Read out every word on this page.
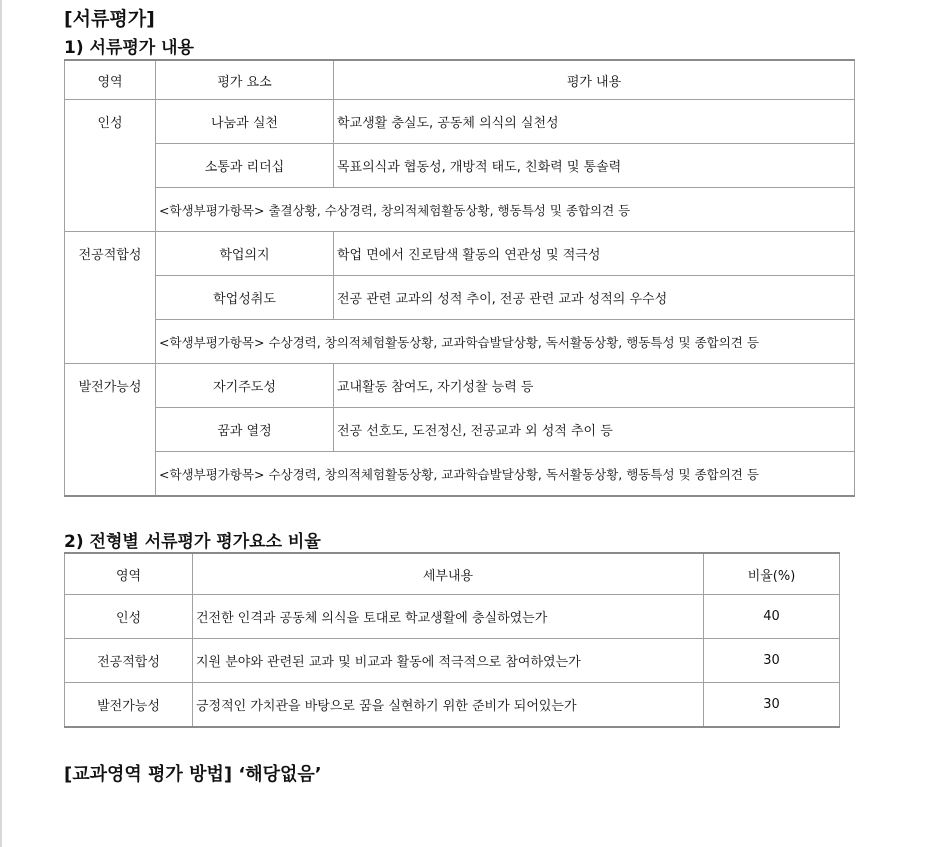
[서류평가]
1) 서류평가 내용
영역	평가 요소	평가 내용
인성	나눔과 실천	학교생활 충실도, 공동체 의식의 실천성
	소통과 리더십	목표의식과 협동성, 개방적 태도, 친화력 및 통솔력
	<학생부평가항목> 출결상황, 수상경력, 창의적체험활동상황, 행동특성 및 종합의견 등	
전공적합성	학업의지	학업 면에서 진로탐색 활동의 연관성 및 적극성
	학업성취도	전공 관련 교과의 성적 추이, 전공 관련 교과 성적의 우수성
	<학생부평가항목> 수상경력, 창의적체험활동상황, 교과학습발달상황, 독서활동상황, 행동특성 및 종합의견 등	
발전가능성	자기주도성	교내활동 참여도, 자기성찰 능력 등
	꿈과 열정	전공 선호도, 도전정신, 전공교과 외 성적 추이 등
	<학생부평가항목> 수상경력, 창의적체험활동상황, 교과학습발달상황, 독서활동상황, 행동특성 및 종합의견 등	
2) 전형별 서류평가 평가요소 비율
영역	세부내용	비율(%)
인성	건전한 인격과 공동체 의식을 토대로 학교생활에 충실하였는가	40
전공적합성	지원 분야와 관련된 교과 및 비교과 활동에 적극적으로 참여하였는가	30
발전가능성	긍정적인 가치관을 바탕으로 꿈을 실현하기 위한 준비가 되어있는가	30
[교과영역 평가 방법] ‘해당없음’
